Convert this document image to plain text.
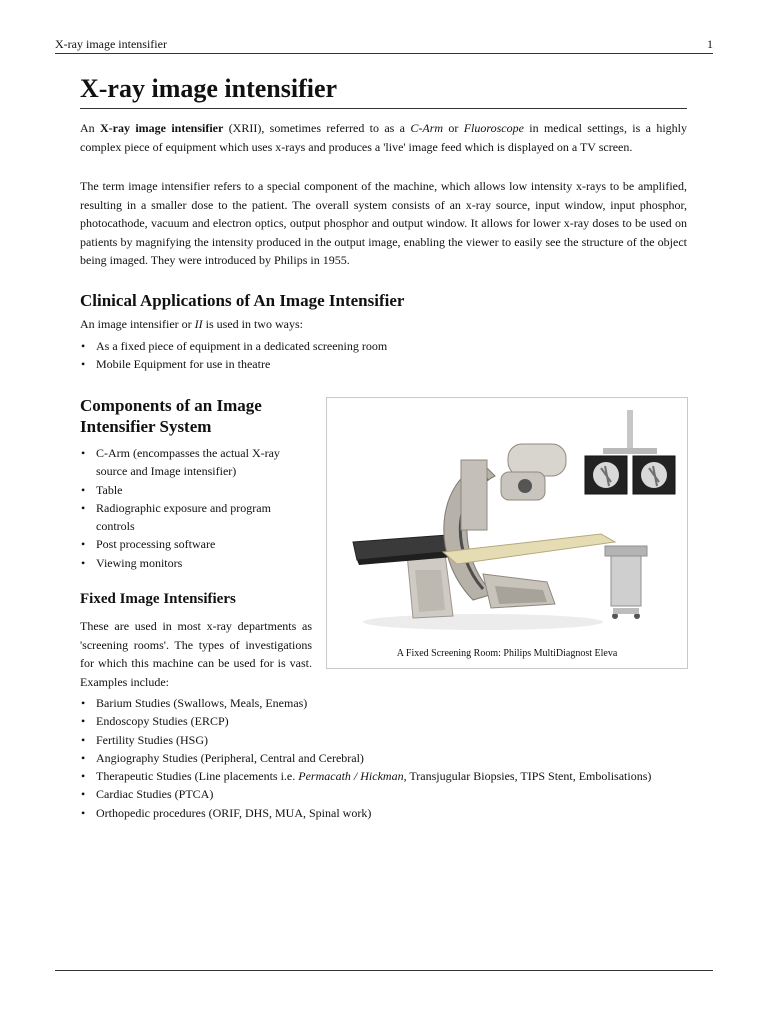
X-ray image intensifier	1
X-ray image intensifier

An X-ray image intensifier (XRII), sometimes referred to as a C-Arm or Fluoroscope in medical settings, is a highly complex piece of equipment which uses x-rays and produces a 'live' image feed which is displayed on a TV screen.

The term image intensifier refers to a special component of the machine, which allows low intensity x-rays to be amplified, resulting in a smaller dose to the patient. The overall system consists of an x-ray source, input window, input phosphor, photocathode, vacuum and electron optics, output phosphor and output window. It allows for lower x-ray doses to be used on patients by magnifying the intensity produced in the output image, enabling the viewer to easily see the structure of the object being imaged. They were introduced by Philips in 1955.

Clinical Applications of An Image Intensifier

An image intensifier or II is used in two ways:

• As a fixed piece of equipment in a dedicated screening room
• Mobile Equipment for use in theatre
Components of an Image Intensifier System
• C-Arm (encompasses the actual X-ray source and Image intensifier)
• Table
• Radiographic exposure and program controls
• Post processing software
• Viewing monitors
A Fixed Screening Room: Philips MultiDiagnost Eleva
Fixed Image Intensifiers

These are used in most x-ray departments as 'screening rooms'. The types of investigations for which this machine can be used for is vast. Examples include:

• Barium Studies (Swallows, Meals, Enemas)
• Endoscopy Studies (ERCP)
• Fertility Studies (HSG)
• Angiography Studies (Peripheral, Central and Cerebral)
• Therapeutic Studies (Line placements i.e. Permacath / Hickman, Transjugular Biopsies, TIPS Stent, Embolisations)
• Cardiac Studies (PTCA)
• Orthopedic procedures (ORIF, DHS, MUA, Spinal work)
